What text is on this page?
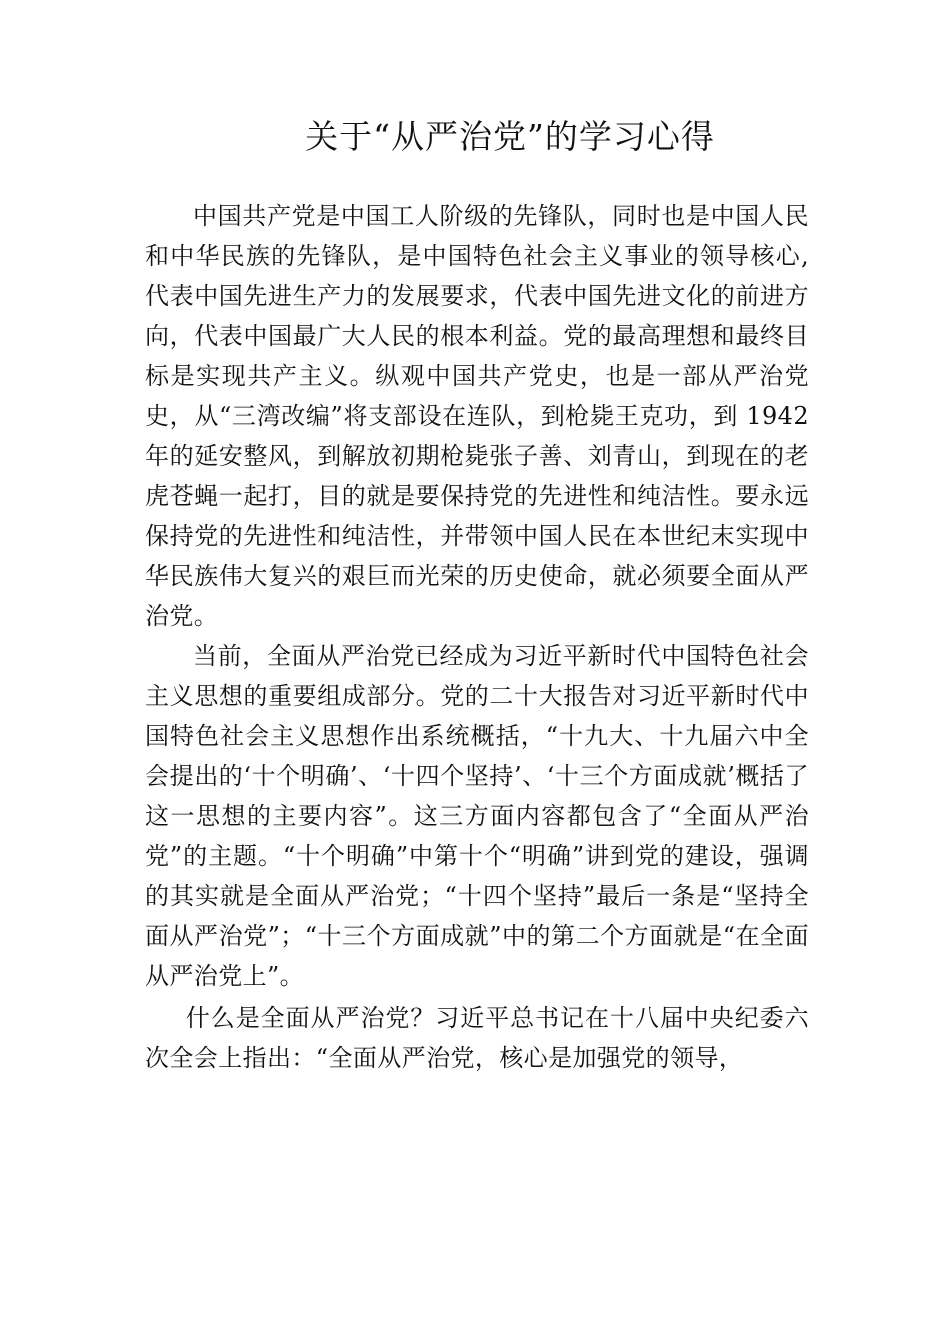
关于“从严治党”的学习心得

中国共产党是中国工人阶级的先锋队，同时也是中国人民和中华民族的先锋队，是中国特色社会主义事业的领导核心,代表中国先进生产力的发展要求，代表中国先进文化的前进方向，代表中国最广大人民的根本利益。党的最高理想和最终目标是实现共产主义。纵观中国共产党史，也是一部从严治党史，从“三湾改编”将支部设在连队，到枪毙王克功，到 1942 年的延安整风，到解放初期枪毙张子善、刘青山，到现在的老虎苍蝇一起打，目的就是要保持党的先进性和纯洁性。要永远保持党的先进性和纯洁性，并带领中国人民在本世纪末实现中华民族伟大复兴的艰巨而光荣的历史使命，就必须要全面从严治党。

当前，全面从严治党已经成为习近平新时代中国特色社会主义思想的重要组成部分。党的二十大报告对习近平新时代中国特色社会主义思想作出系统概括，“十九大、十九届六中全会提出的‘十个明确’、‘十四个坚持’、‘十三个方面成就’概括了这一思想的主要内容”。这三方面内容都包含了“全面从严治党”的主题。“十个明确”中第十个“明确”讲到党的建设，强调的其实就是全面从严治党；“十四个坚持”最后一条是“坚持全面从严治党”；“十三个方面成就”中的第二个方面就是“在全面从严治党上”。

什么是全面从严治党？习近平总书记在十八届中央纪委六次全会上指出：“全面从严治党，核心是加强党的领导，
